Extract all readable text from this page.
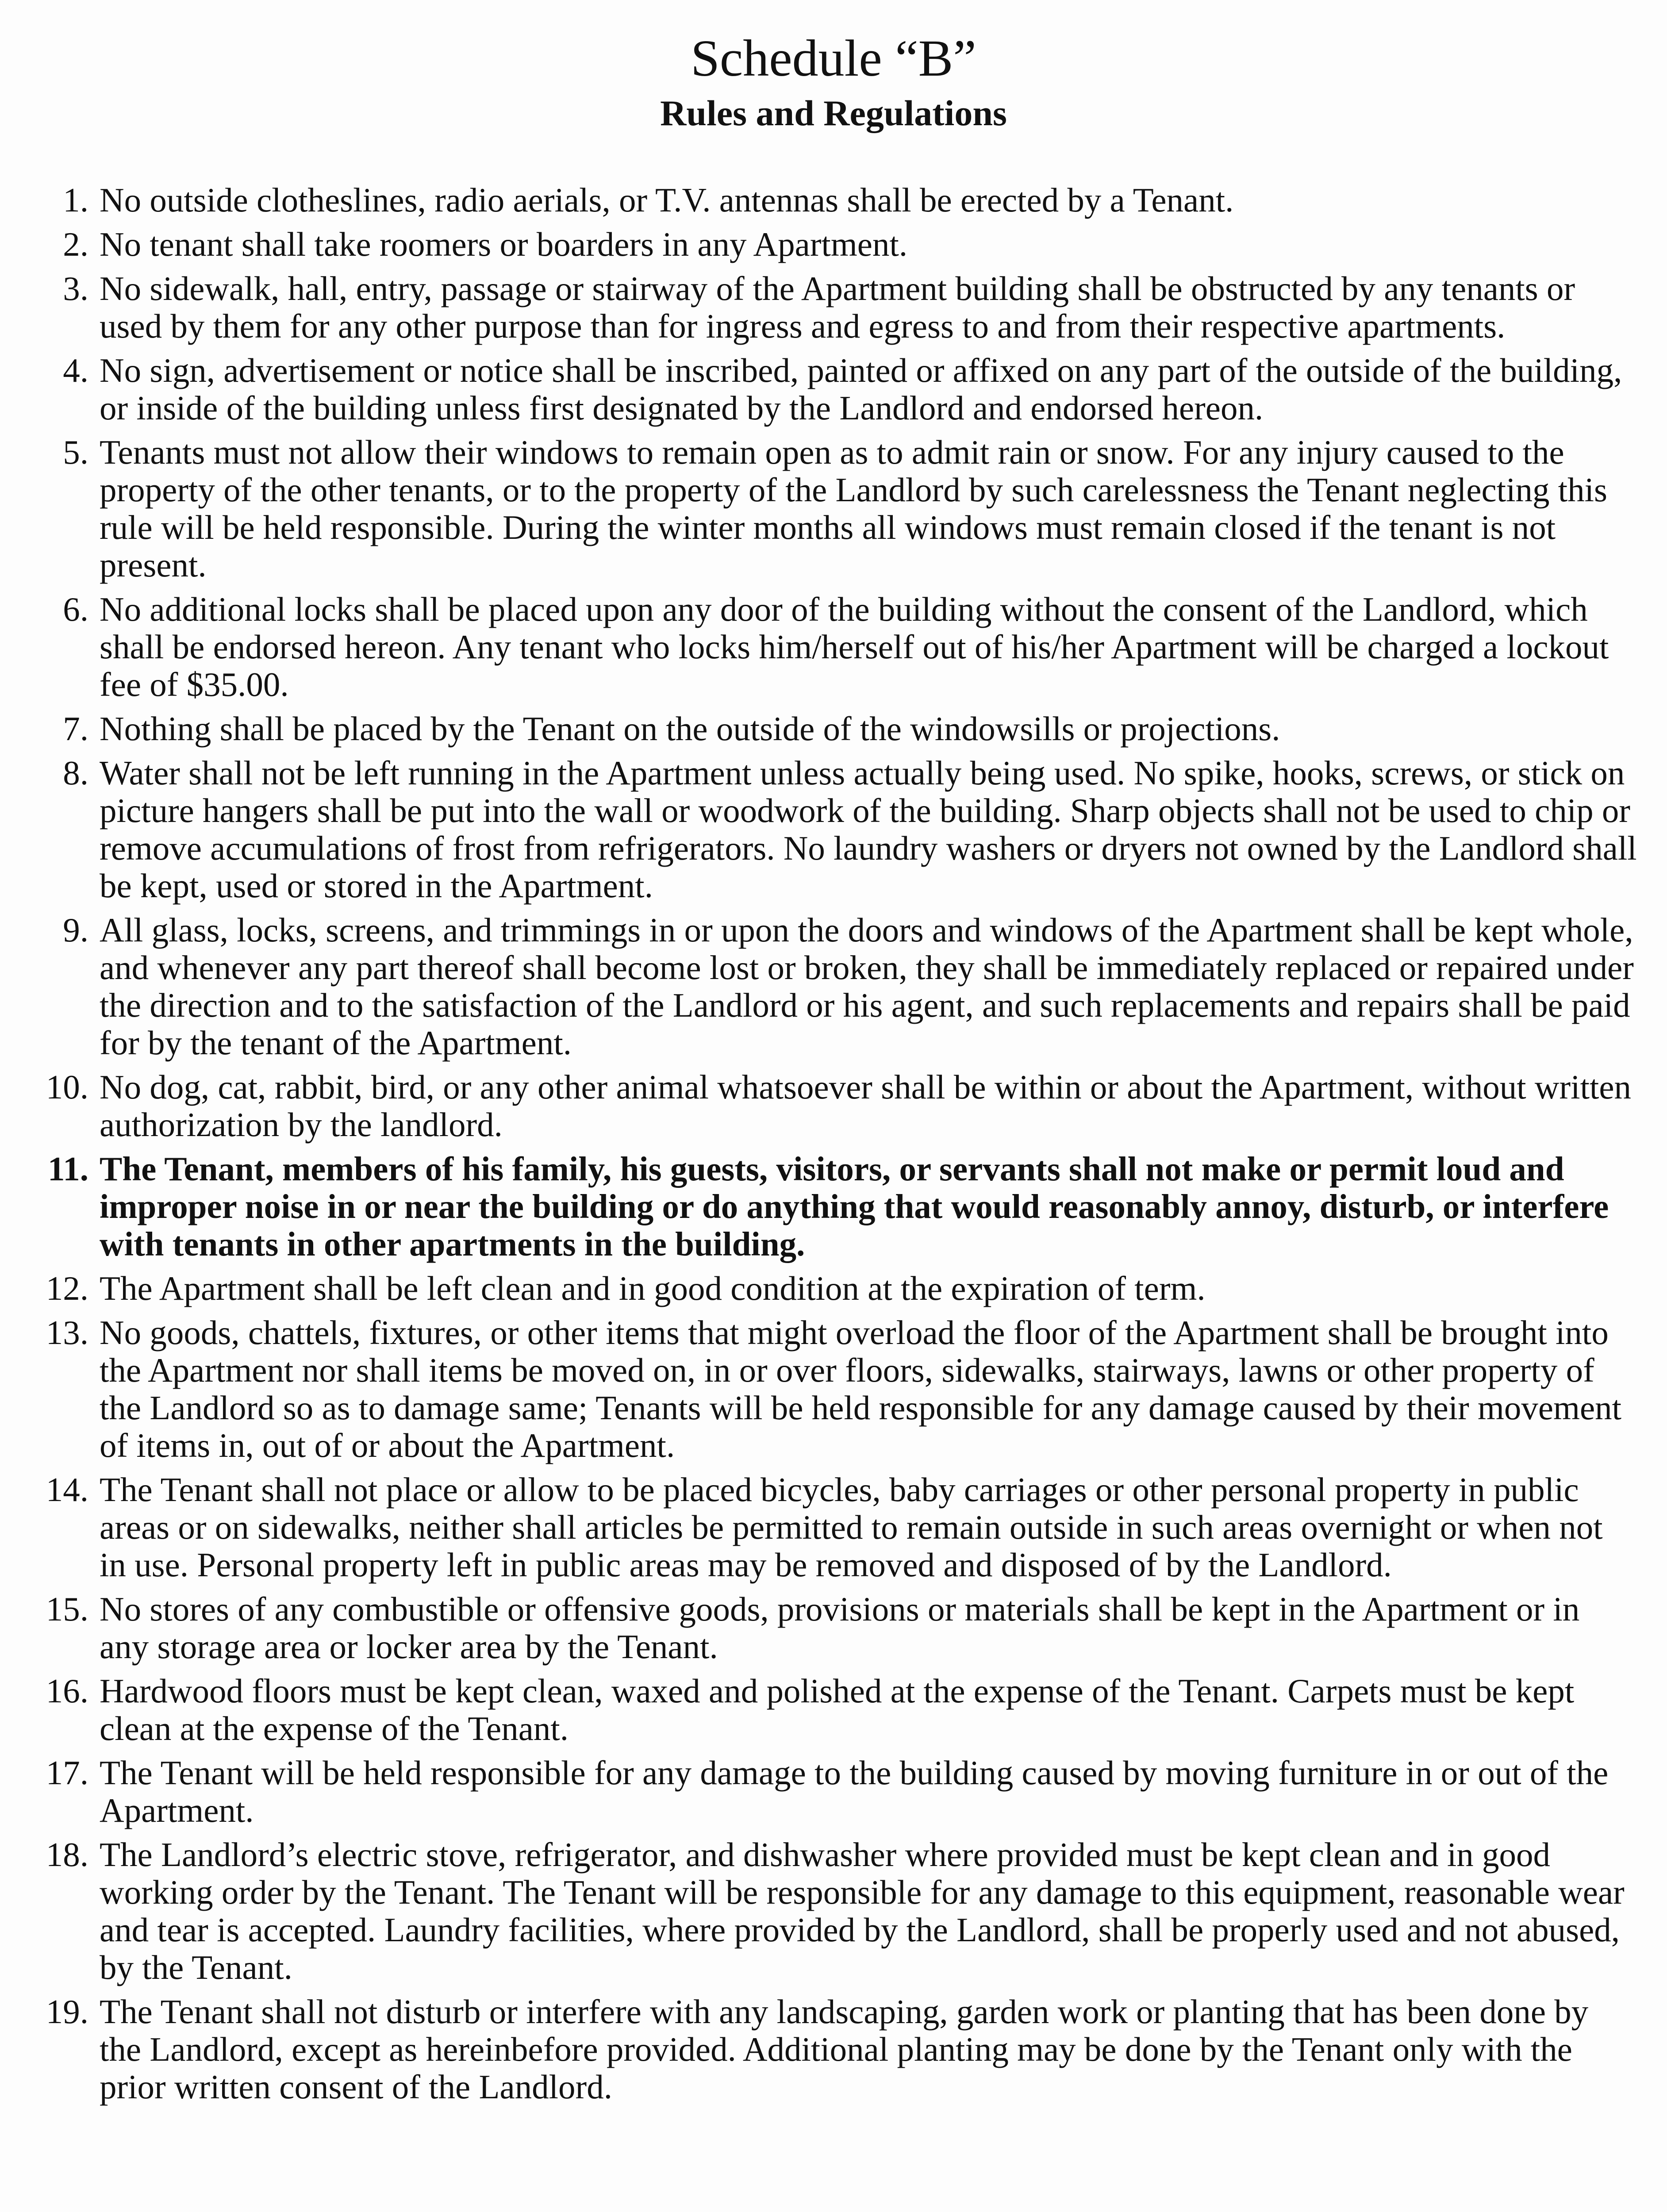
Schedule “B”
Rules and Regulations
1. No outside clotheslines, radio aerials, or T.V. antennas shall be erected by a Tenant.
2. No tenant shall take roomers or boarders in any Apartment.
3. No sidewalk, hall, entry, passage or stairway of the Apartment building shall be obstructed by any tenants or used by them for any other purpose than for ingress and egress to and from their respective apartments.
4. No sign, advertisement or notice shall be inscribed, painted or affixed on any part of the outside of the building, or inside of the building unless first designated by the Landlord and endorsed hereon.
5. Tenants must not allow their windows to remain open as to admit rain or snow. For any injury caused to the property of the other tenants, or to the property of the Landlord by such carelessness the Tenant neglecting this rule will be held responsible. During the winter months all windows must remain closed if the tenant is not present.
6. No additional locks shall be placed upon any door of the building without the consent of the Landlord, which shall be endorsed hereon. Any tenant who locks him/herself out of his/her Apartment will be charged a lockout fee of $35.00.
7. Nothing shall be placed by the Tenant on the outside of the windowsills or projections.
8. Water shall not be left running in the Apartment unless actually being used. No spike, hooks, screws, or stick on picture hangers shall be put into the wall or woodwork of the building. Sharp objects shall not be used to chip or remove accumulations of frost from refrigerators. No laundry washers or dryers not owned by the Landlord shall be kept, used or stored in the Apartment.
9. All glass, locks, screens, and trimmings in or upon the doors and windows of the Apartment shall be kept whole, and whenever any part thereof shall become lost or broken, they shall be immediately replaced or repaired under the direction and to the satisfaction of the Landlord or his agent, and such replacements and repairs shall be paid for by the tenant of the Apartment.
10. No dog, cat, rabbit, bird, or any other animal whatsoever shall be within or about the Apartment, without written authorization by the landlord.
11. The Tenant, members of his family, his guests, visitors, or servants shall not make or permit loud and improper noise in or near the building or do anything that would reasonably annoy, disturb, or interfere with tenants in other apartments in the building.
12. The Apartment shall be left clean and in good condition at the expiration of term.
13. No goods, chattels, fixtures, or other items that might overload the floor of the Apartment shall be brought into the Apartment nor shall items be moved on, in or over floors, sidewalks, stairways, lawns or other property of the Landlord so as to damage same; Tenants will be held responsible for any damage caused by their movement of items in, out of or about the Apartment.
14. The Tenant shall not place or allow to be placed bicycles, baby carriages or other personal property in public areas or on sidewalks, neither shall articles be permitted to remain outside in such areas overnight or when not in use. Personal property left in public areas may be removed and disposed of by the Landlord.
15. No stores of any combustible or offensive goods, provisions or materials shall be kept in the Apartment or in any storage area or locker area by the Tenant.
16. Hardwood floors must be kept clean, waxed and polished at the expense of the Tenant. Carpets must be kept clean at the expense of the Tenant.
17. The Tenant will be held responsible for any damage to the building caused by moving furniture in or out of the Apartment.
18. The Landlord’s electric stove, refrigerator, and dishwasher where provided must be kept clean and in good working order by the Tenant. The Tenant will be responsible for any damage to this equipment, reasonable wear and tear is accepted. Laundry facilities, where provided by the Landlord, shall be properly used and not abused, by the Tenant.
19. The Tenant shall not disturb or interfere with any landscaping, garden work or planting that has been done by the Landlord, except as hereinbefore provided. Additional planting may be done by the Tenant only with the prior written consent of the Landlord.
